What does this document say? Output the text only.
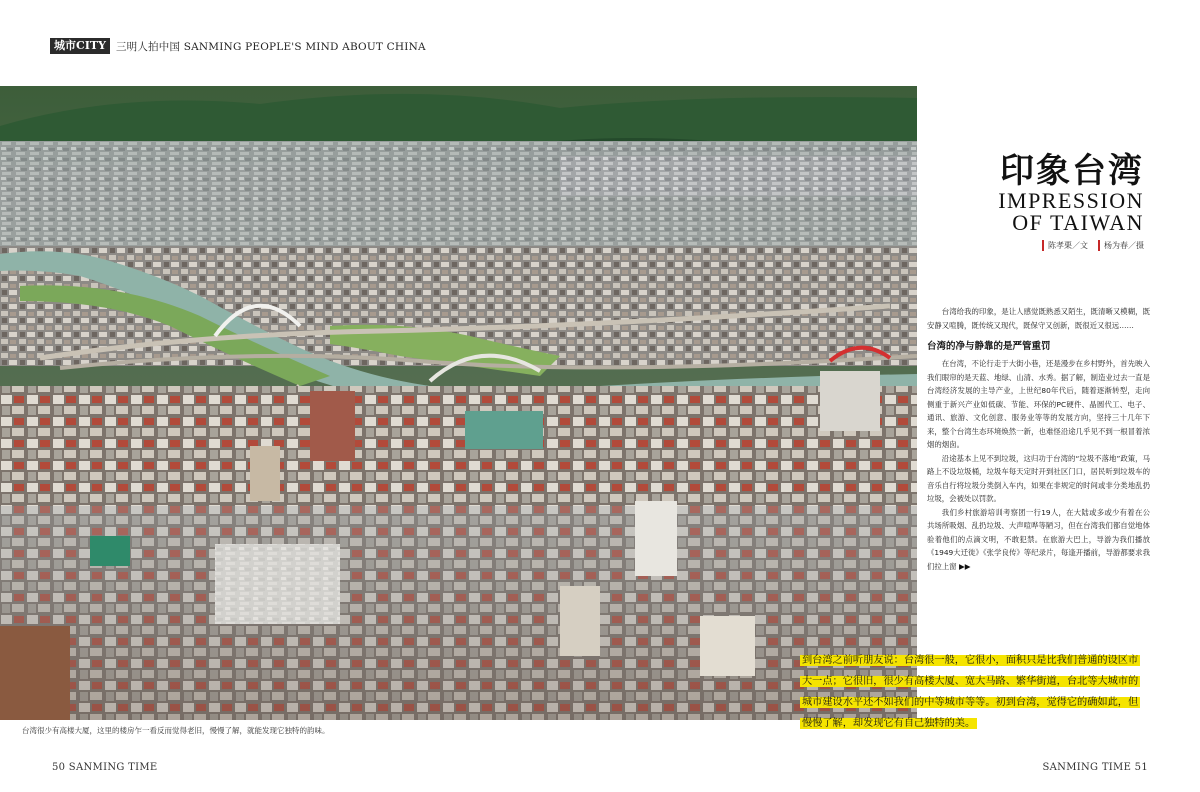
城市CITY 三明人拍中国 SANMING PEOPLE'S MIND ABOUT CHINA
台湾很少有高楼大厦，这里的楼房乍一看反而觉得老旧，慢慢了解，就能发现它独特的韵味。
印象台湾
IMPRESSION
OF TAIWAN
陈孝栗／文	杨为春／摄

台湾给我的印象，是让人感觉既熟悉又陌生，既清晰又模糊，既安静又喧腾，既传统又现代，既保守又创新，既很近又很远……

台湾的净与静靠的是严管重罚

在台湾，不论行走于大街小巷，还是漫步在乡村野外，首先映入我们眼帘的是天蓝、地绿、山清、水秀。据了解，制造业过去一直是台湾经济发展的主导产业，上世纪80年代后，随着逐渐转型，走向侧重于新兴产业如低碳、节能、环保的PC硬件、晶圆代工、电子、通讯、旅游、文化创意、服务业等等的发展方向，坚持三十几年下来，整个台湾生态环境焕然一新，也难怪沿途几乎见不到一根冒着浓烟的烟囱。

沿途基本上见不到垃圾，这归功于台湾的“垃圾不落地”政策，马路上不设垃圾桶，垃圾车每天定时开到社区门口，居民听到垃圾车的音乐自行将垃圾分类倒入车内，如果在非规定的时间或非分类地乱扔垃圾，会被处以罚款。

我们乡村旅游培训考察团一行19人，在大陆或多或少有着在公共场所吸烟、乱扔垃圾、大声喧哗等陋习，但在台湾我们都自觉地体验着他们的点滴文明，不敢犯禁。在旅游大巴上，导游为我们播放《1949大迁徙》《张学良传》等纪录片，每逢开播前，导游都要求我们拉上窗 ▶▶

到台湾之前听朋友说：台湾很一般，它很小，面积只是比我们普通的设区市大一点；它很旧，很少有高楼大厦、宽大马路、繁华街道，台北等大城市的城市建设水平还不如我们的中等城市等等。初到台湾，觉得它的确如此，但慢慢了解，却发现它有自己独特的美。
50 SANMING TIME	SANMING TIME 51
